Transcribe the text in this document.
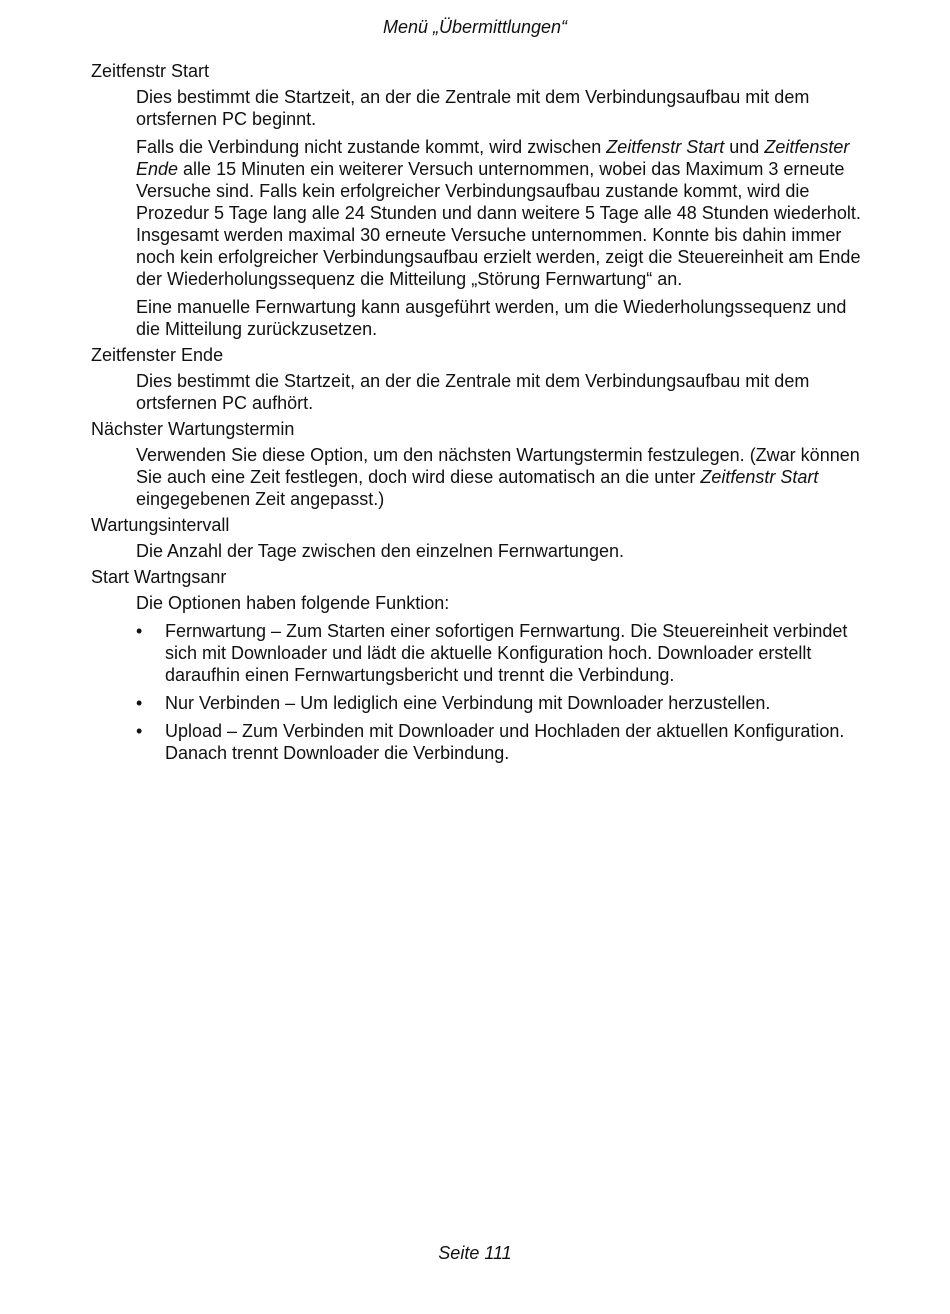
Menü „Übermittlungen“
Zeitfenstr Start

Dies bestimmt die Startzeit, an der die Zentrale mit dem Verbindungsaufbau mit dem ortsfernen PC beginnt.

Falls die Verbindung nicht zustande kommt, wird zwischen Zeitfenstr Start und Zeitfenster Ende alle 15 Minuten ein weiterer Versuch unternommen, wobei das Maximum 3 erneute Versuche sind. Falls kein erfolgreicher Verbindungsaufbau zustande kommt, wird die Prozedur 5 Tage lang alle 24 Stunden und dann weitere 5 Tage alle 48 Stunden wiederholt. Insgesamt werden maximal 30 erneute Versuche unternommen. Konnte bis dahin immer noch kein erfolgreicher Verbindungsaufbau erzielt werden, zeigt die Steuereinheit am Ende der Wiederholungssequenz die Mitteilung „Störung Fernwartung“ an.

Eine manuelle Fernwartung kann ausgeführt werden, um die Wiederholungssequenz und die Mitteilung zurückzusetzen.

Zeitfenster Ende

Dies bestimmt die Startzeit, an der die Zentrale mit dem Verbindungsaufbau mit dem ortsfernen PC aufhört.

Nächster Wartungstermin

Verwenden Sie diese Option, um den nächsten Wartungstermin festzulegen. (Zwar können Sie auch eine Zeit festlegen, doch wird diese automatisch an die unter Zeitfenstr Start eingegebenen Zeit angepasst.)

Wartungsintervall

Die Anzahl der Tage zwischen den einzelnen Fernwartungen.

Start Wartngsanr

Die Optionen haben folgende Funktion:

• Fernwartung – Zum Starten einer sofortigen Fernwartung. Die Steuereinheit verbindet sich mit Downloader und lädt die aktuelle Konfiguration hoch. Downloader erstellt daraufhin einen Fernwartungsbericht und trennt die Verbindung.
• Nur Verbinden – Um lediglich eine Verbindung mit Downloader herzustellen.
• Upload – Zum Verbinden mit Downloader und Hochladen der aktuellen Konfiguration. Danach trennt Downloader die Verbindung.
Seite 111
